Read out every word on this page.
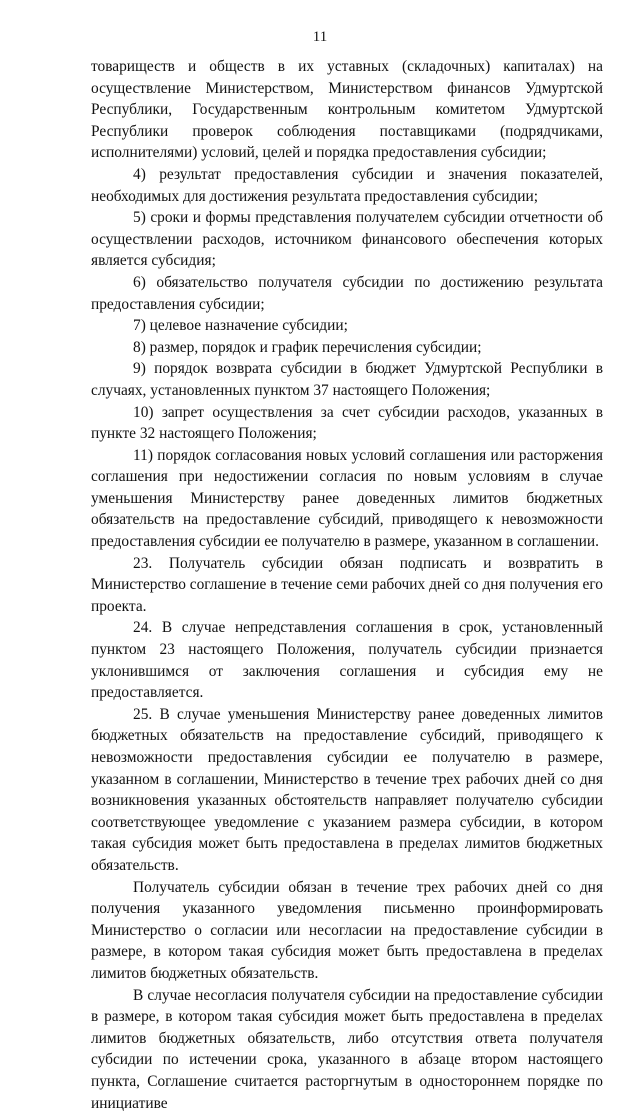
11

товариществ и обществ в их уставных (складочных) капиталах) на осуществление Министерством, Министерством финансов Удмуртской Республики, Государственным контрольным комитетом Удмуртской Республики проверок соблюдения поставщиками (подрядчиками, исполнителями) условий, целей и порядка предоставления субсидии;

4) результат предоставления субсидии и значения показателей, необходимых для достижения результата предоставления субсидии;

5) сроки и формы представления получателем субсидии отчетности об осуществлении расходов, источником финансового обеспечения которых является субсидия;

6) обязательство получателя субсидии по достижению результата предоставления субсидии;

7) целевое назначение субсидии;

8) размер, порядок и график перечисления субсидии;

9) порядок возврата субсидии в бюджет Удмуртской Республики в случаях, установленных пунктом 37 настоящего Положения;

10) запрет осуществления за счет субсидии расходов, указанных в пункте 32 настоящего Положения;

11) порядок согласования новых условий соглашения или расторжения соглашения при недостижении согласия по новым условиям в случае уменьшения Министерству ранее доведенных лимитов бюджетных обязательств на предоставление субсидий, приводящего к невозможности предоставления субсидии ее получателю в размере, указанном в соглашении.

23. Получатель субсидии обязан подписать и возвратить в Министерство соглашение в течение семи рабочих дней со дня получения его проекта.

24. В случае непредставления соглашения в срок, установленный пунктом 23 настоящего Положения, получатель субсидии признается уклонившимся от заключения соглашения и субсидия ему не предоставляется.

25. В случае уменьшения Министерству ранее доведенных лимитов бюджетных обязательств на предоставление субсидий, приводящего к невозможности предоставления субсидии ее получателю в размере, указанном в соглашении, Министерство в течение трех рабочих дней со дня возникновения указанных обстоятельств направляет получателю субсидии соответствующее уведомление с указанием размера субсидии, в котором такая субсидия может быть предоставлена в пределах лимитов бюджетных обязательств.

Получатель субсидии обязан в течение трех рабочих дней со дня получения указанного уведомления письменно проинформировать Министерство о согласии или несогласии на предоставление субсидии в размере, в котором такая субсидия может быть предоставлена в пределах лимитов бюджетных обязательств.

В случае несогласия получателя субсидии на предоставление субсидии в размере, в котором такая субсидия может быть предоставлена в пределах лимитов бюджетных обязательств, либо отсутствия ответа получателя субсидии по истечении срока, указанного в абзаце втором настоящего пункта, Соглашение считается расторгнутым в одностороннем порядке по инициативе
